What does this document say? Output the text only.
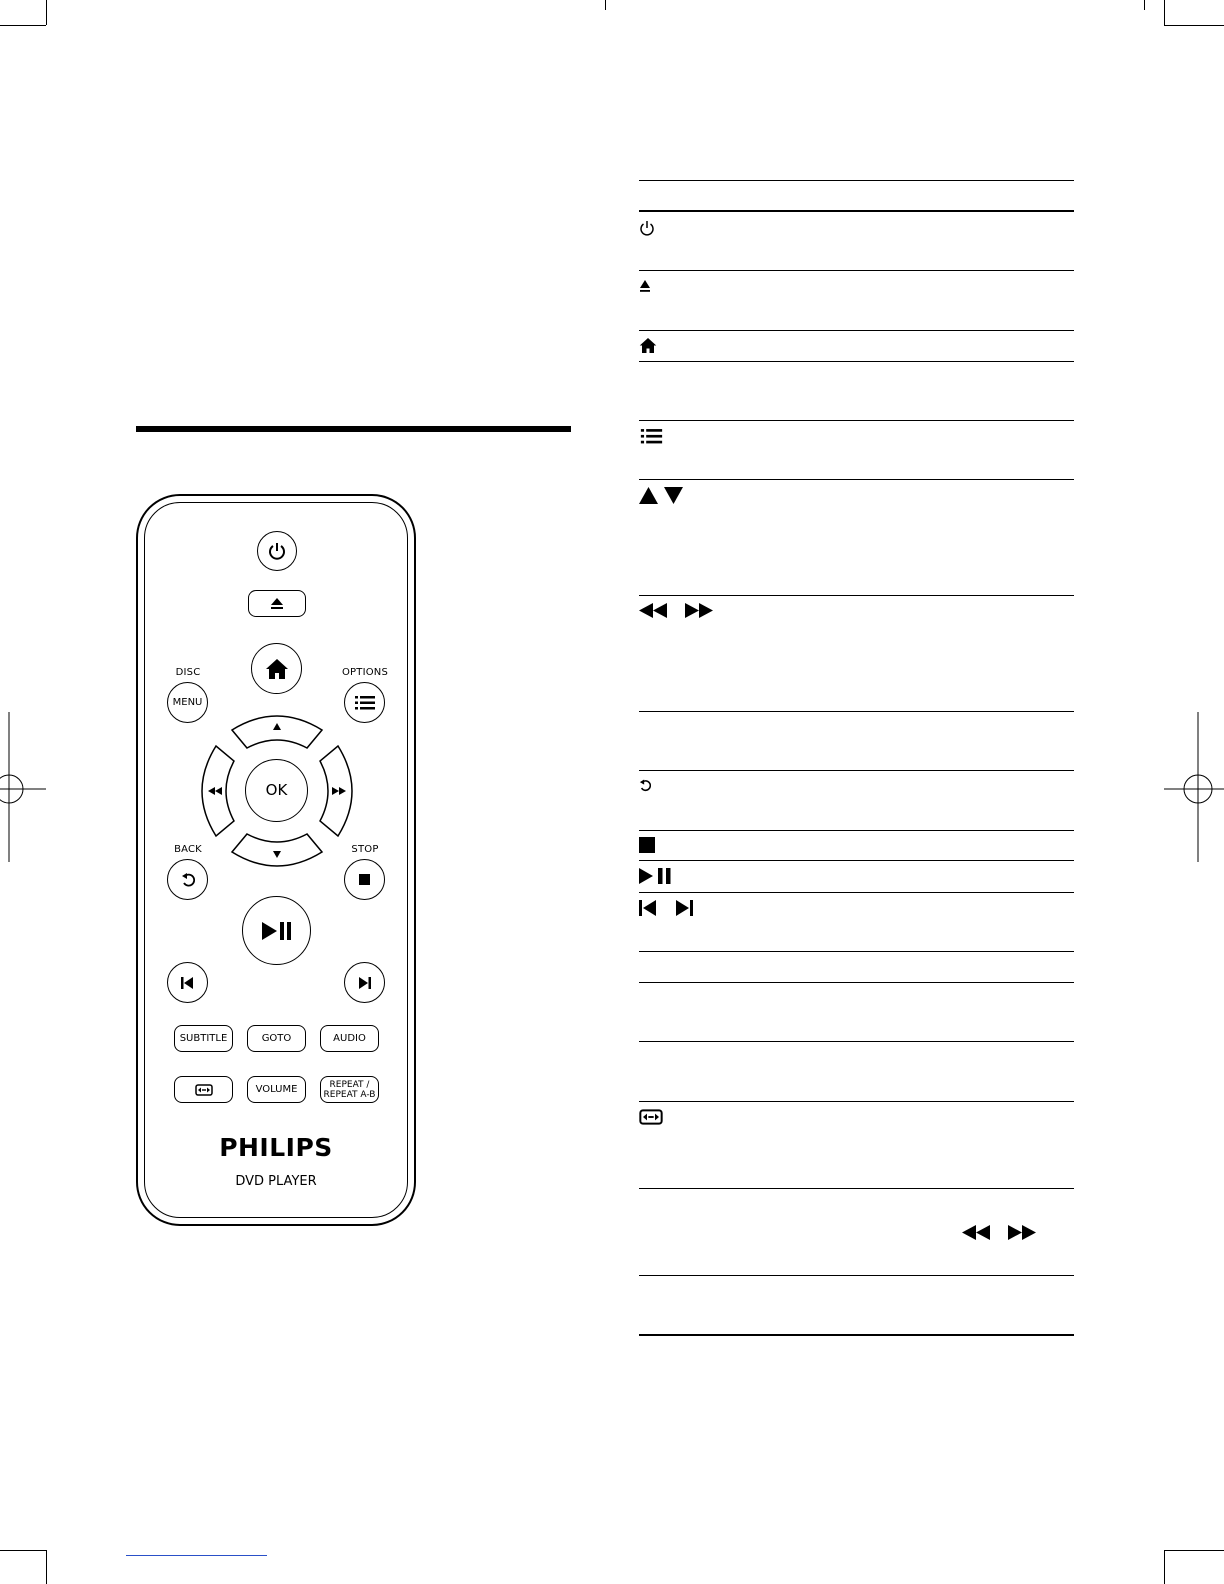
DISC
MENU
OPTIONS
OK
BACK	STOP
SUBTITLE	GOTO	AUDIO
VOLUME	REPEAT /
REPEAT A-B
PHILIPS
DVD PLAYER
